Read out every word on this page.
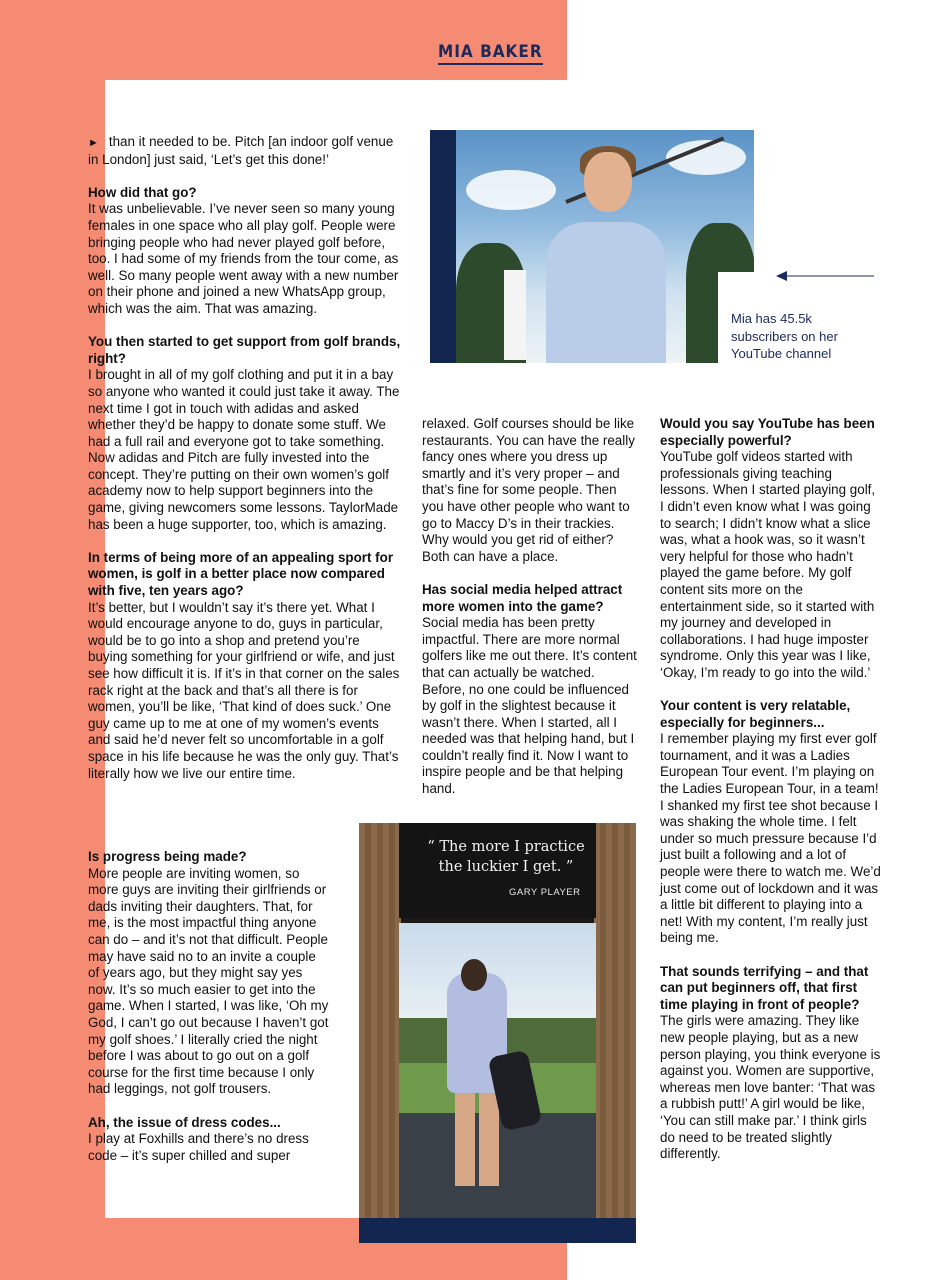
MIA BAKER
Mia has 45.5k subscribers on her YouTube channel

► than it needed to be. Pitch [an indoor golf venue in London] just said, ‘Let’s get this done!’

How did that go?
It was unbelievable. I’ve never seen so many young females in one space who all play golf. People were bringing people who had never played golf before, too. I had some of my friends from the tour come, as well. So many people went away with a new number on their phone and joined a new WhatsApp group, which was the aim. That was amazing.

You then started to get support from golf brands, right?
I brought in all of my golf clothing and put it in a bay so anyone who wanted it could just take it away. The next time I got in touch with adidas and asked whether they’d be happy to donate some stuff. We had a full rail and everyone got to take something. Now adidas and Pitch are fully invested into the concept. They’re putting on their own women’s golf academy now to help support beginners into the game, giving newcomers some lessons. TaylorMade has been a huge supporter, too, which is amazing.

In terms of being more of an appealing sport for women, is golf in a better place now compared with five, ten years ago?
It’s better, but I wouldn’t say it’s there yet. What I would encourage anyone to do, guys in particular, would be to go into a shop and pretend you’re buying something for your girlfriend or wife, and just see how difficult it is. If it’s in that corner on the sales rack right at the back and that’s all there is for women, you’ll be like, ‘That kind of does suck.’ One guy came up to me at one of my women’s events and said he’d never felt so uncomfortable in a golf space in his life because he was the only guy. That’s literally how we live our entire time.

Is progress being made?
More people are inviting women, so more guys are inviting their girlfriends or dads inviting their daughters. That, for me, is the most impactful thing anyone can do – and it’s not that difficult. People may have said no to an invite a couple of years ago, but they might say yes now. It’s so much easier to get into the game. When I started, I was like, ‘Oh my God, I can’t go out because I haven’t got my golf shoes.’ I literally cried the night before I was about to go out on a golf course for the first time because I only had leggings, not golf trousers.

Ah, the issue of dress codes...
I play at Foxhills and there’s no dress code – it’s super chilled and super

relaxed. Golf courses should be like restaurants. You can have the really fancy ones where you dress up smartly and it’s very proper – and that’s fine for some people. Then you have other people who want to go to Maccy D’s in their trackies. Why would you get rid of either? Both can have a place.

Has social media helped attract more women into the game?
Social media has been pretty impactful. There are more normal golfers like me out there. It’s content that can actually be watched. Before, no one could be influenced by golf in the slightest because it wasn’t there. When I started, all I needed was that helping hand, but I couldn’t really find it. Now I want to inspire people and be that helping hand.

Would you say YouTube has been especially powerful?
YouTube golf videos started with professionals giving teaching lessons. When I started playing golf, I didn’t even know what I was going to search; I didn’t know what a slice was, what a hook was, so it wasn’t very helpful for those who hadn’t played the game before. My golf content sits more on the entertainment side, so it started with my journey and developed in collaborations. I had huge imposter syndrome. Only this year was I like, ‘Okay, I’m ready to go into the wild.’

Your content is very relatable, especially for beginners...
I remember playing my first ever golf tournament, and it was a Ladies European Tour event. I’m playing on the Ladies European Tour, in a team! I shanked my first tee shot because I was shaking the whole time. I felt under so much pressure because I’d just built a following and a lot of people were there to watch me. We’d just come out of lockdown and it was a little bit different to playing into a net! With my content, I’m really just being me.

That sounds terrifying – and that can put beginners off, that first time playing in front of people?
The girls were amazing. They like new people playing, but as a new person playing, you think everyone is against you. Women are supportive, whereas men love banter: ‘That was a rubbish putt!’ A girl would be like, ‘You can still make par.’ I think girls do need to be treated slightly differently.

“ The more I practice the luckier I get. ”
GARY PLAYER
